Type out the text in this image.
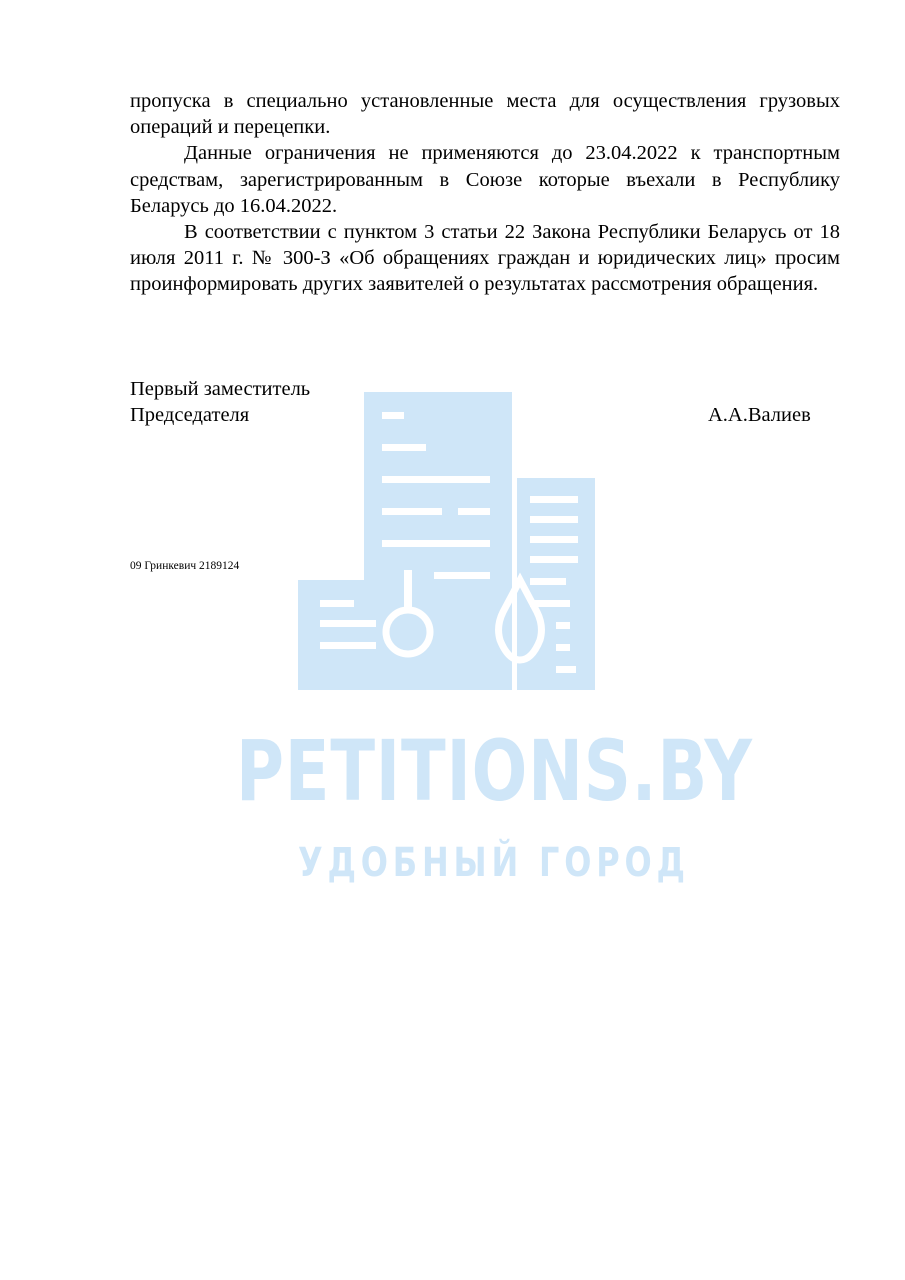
пропуска в специально установленные места для осуществления грузовых операций и перецепки.

Данные ограничения не применяются до 23.04.2022 к транспортным средствам, зарегистрированным в Союзе которые въехали в Республику Беларусь до 16.04.2022.

В соответствии с пунктом 3 статьи 22 Закона Республики Беларусь от 18 июля 2011 г. № 300-З «Об обращениях граждан и юридических лиц» просим проинформировать других заявителей о результатах рассмотрения обращения.

Первый заместитель
Председателя	А.А.Валиев
09 Гринкевич 2189124
PETITIONS.BY
УДОБНЫЙ ГОРОД
